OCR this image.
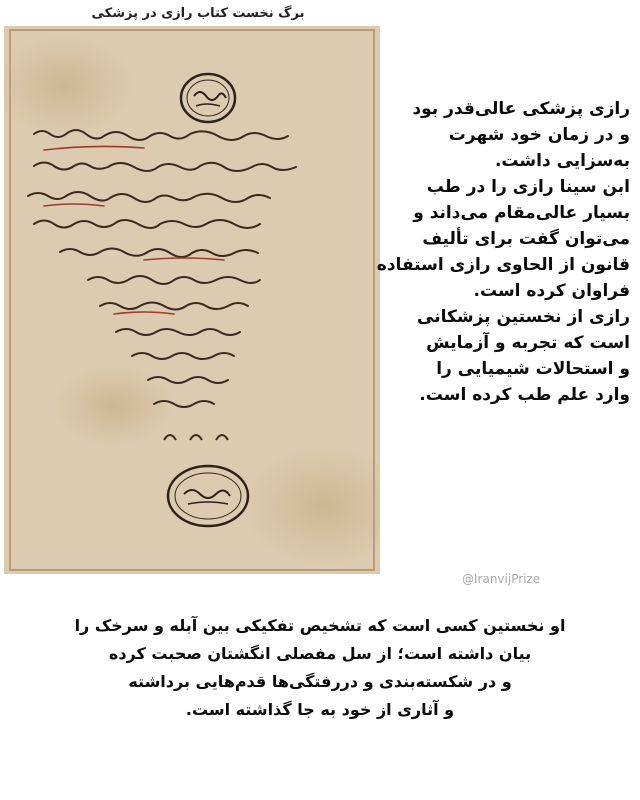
برگ نخست کتاب رازی در پزشکی
رازی پزشکی عالی‌قدر بود
و در زمان خود شهرت
به‌سزایی داشت.
ابن سینا رازی را در طب
بسیار عالی‌مقام می‌داند و
می‌توان گفت برای تألیف
قانون از الحاوی رازی استفاده
فراوان کرده است.
رازی از نخستین پزشکانی
است که تجربه و آزمایش
و استحالات شیمیایی را
وارد علم طب کرده است.
@IranvijPrize
او نخستین کسی است که تشخیص تفکیکی بین آبله و سرخک را
بیان داشته است؛ از سل مفصلی انگشتان صحبت کرده
و در شکسته‌بندی و دررفتگی‌ها قدم‌هایی برداشته
و آثاری از خود به جا گذاشته است.
